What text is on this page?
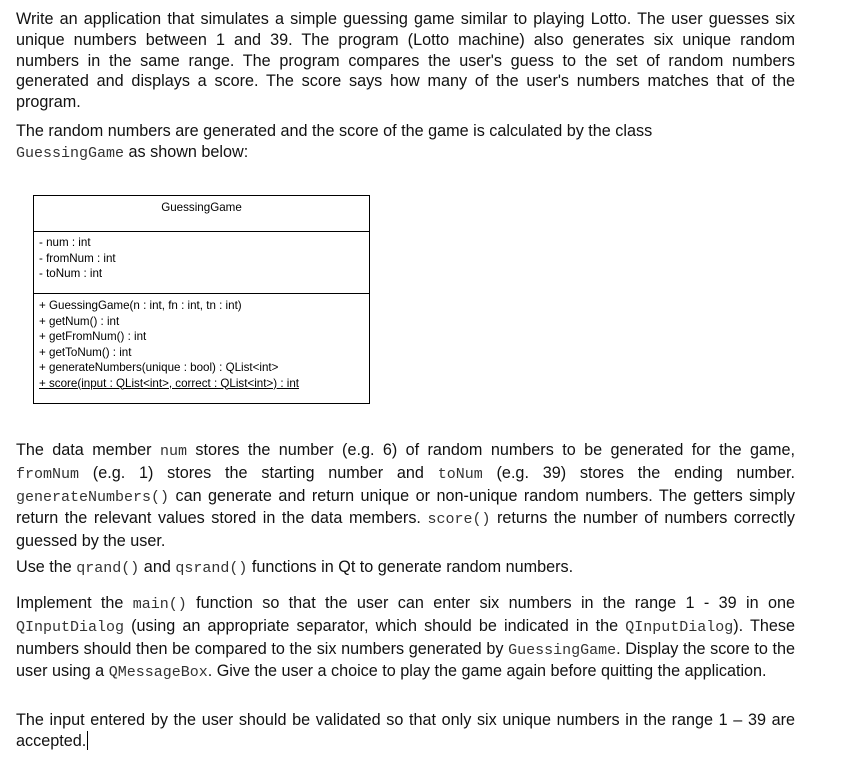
Write an application that simulates a simple guessing game similar to playing Lotto. The user guesses six unique numbers between 1 and 39. The program (Lotto machine) also generates six unique random numbers in the same range. The program compares the user's guess to the set of random numbers generated and displays a score. The score says how many of the user's numbers matches that of the program.

The random numbers are generated and the score of the game is calculated by the class
GuessingGame as shown below:

GuessingGame
- num : int
- fromNum : int
- toNum : int
+ GuessingGame(n : int, fn : int, tn : int)
+ getNum() : int
+ getFromNum() : int
+ getToNum() : int
+ generateNumbers(unique : bool) : QList<int>
+ score(input : QList<int>, correct : QList<int>) : int

The data member num stores the number (e.g. 6) of random numbers to be generated for the game, fromNum (e.g. 1) stores the starting number and toNum (e.g. 39) stores the ending number. generateNumbers() can generate and return unique or non-unique random numbers. The getters simply return the relevant values stored in the data members. score() returns the number of numbers correctly guessed by the user.

Use the qrand() and qsrand() functions in Qt to generate random numbers.

Implement the main() function so that the user can enter six numbers in the range 1 - 39 in one QInputDialog (using an appropriate separator, which should be indicated in the QInputDialog). These numbers should then be compared to the six numbers generated by GuessingGame. Display the score to the user using a QMessageBox. Give the user a choice to play the game again before quitting the application.

The input entered by the user should be validated so that only six unique numbers in the range 1 – 39 are accepted.
